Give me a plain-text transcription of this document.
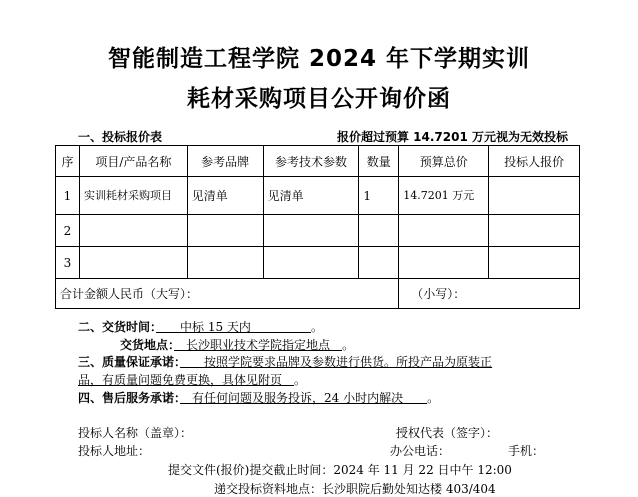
智能制造工程学院 2024 年下学期实训
耗材采购项目公开询价函
一、投标报价表	报价超过预算 14.7201 万元视为无效投标
序	项目/产品名称	参考品牌	参考技术参数	数量	预算总价	投标人报价
1	实训耗材采购项目	见清单	见清单	1	14.7201 万元	
2						
3						
合计金额人民币（大写）：					（小写）：	
二、交货时间：　　 中标 15 天内　　　　　	。
交货地点：　 长沙职业技术学院指定地点　 。
三、质量保证承诺：　　 按照学院要求品牌及参数进行供货。所投产品为原装正
品，有质量问题免费更换，具体见附页　 。
四、售后服务承诺：　 有任何问题及服务投诉，24 小时内解决　　 。
投标人名称（盖章）：	授权代表（签字）：
投标人地址：	办公电话：	手机：
提交文件(报价)提交截止时间：2024 年 11 月 22 日中午 12:00
递交投标资料地点：长沙职院后勤处知达楼 403/404
